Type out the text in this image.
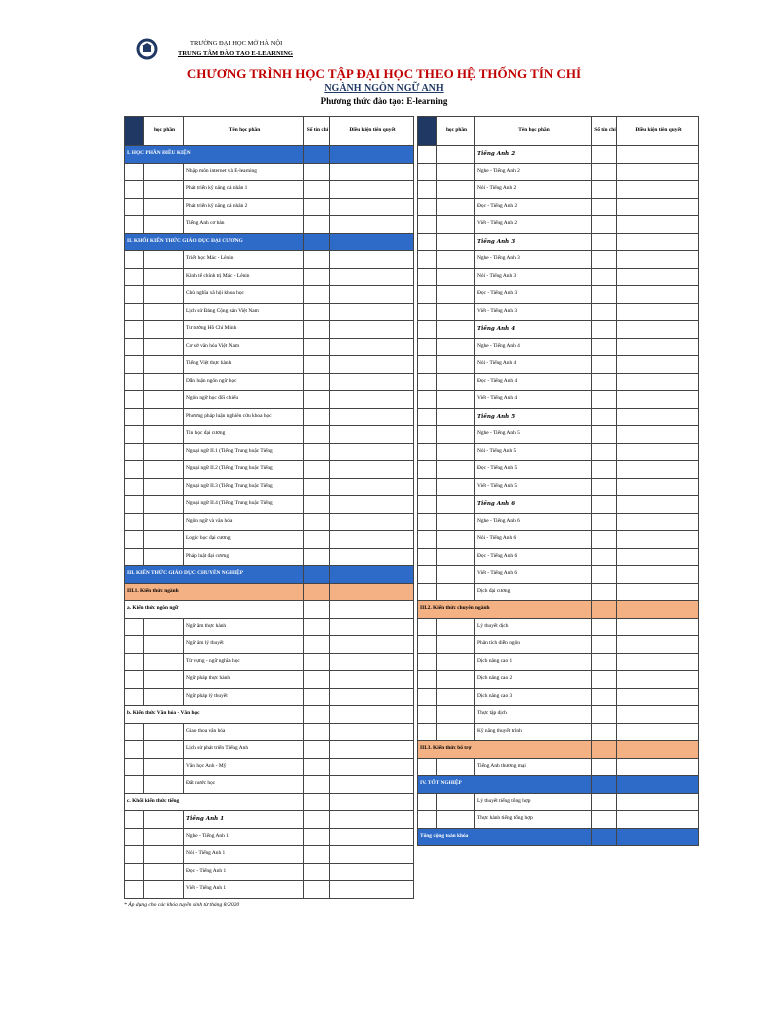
TRƯỜNG ĐẠI HỌC MỞ HÀ NỘI
TRUNG TÂM ĐÀO TẠO E-LEARNING
CHƯƠNG TRÌNH HỌC TẬP ĐẠI HỌC THEO HỆ THỐNG TÍN CHỈ
NGÀNH NGÔN NGỮ ANH
Phương thức đào tạo: E-learning
	học phần	Tên học phần	Số tín chỉ	Điều kiện tiên quyết
I. HỌC PHẦN ĐIỀU KIỆN				
		Nhập môn internet và E-learning		
		Phát triển kỹ năng cá nhân 1		
		Phát triển kỹ năng cá nhân 2		
		Tiếng Anh cơ bản		
II. KHỐI KIẾN THỨC GIÁO DỤC ĐẠI CƯƠNG				
		Triết học Mác - Lênin		
		Kinh tế chính trị Mác - Lênin		
		Chủ nghĩa xã hội khoa học		
		Lịch sử Đảng Cộng sản Việt Nam		
		Tư tưởng Hồ Chí Minh		
		Cơ sở văn hóa Việt Nam		
		Tiếng Việt thực hành		
		Dẫn luận ngôn ngữ học		
		Ngôn ngữ học đối chiếu		
		Phương pháp luận nghiên cứu khoa học		
		Tin học đại cương		
		Ngoại ngữ II.1 (Tiếng Trung hoặc Tiếng		
		Ngoại ngữ II.2 (Tiếng Trung hoặc Tiếng		
		Ngoại ngữ II.3 (Tiếng Trung hoặc Tiếng		
		Ngoại ngữ II.4 (Tiếng Trung hoặc Tiếng		
		Ngôn ngữ và văn hóa		
		Logic học đại cương		
		Pháp luật đại cương		
III. KIẾN THỨC GIÁO DỤC CHUYÊN NGHIỆP				
III.1. Kiến thức ngành				
a. Kiến thức ngôn ngữ				
		Ngữ âm thực hành		
		Ngữ âm lý thuyết		
		Từ vựng - ngữ nghĩa học		
		Ngữ pháp thực hành		
		Ngữ pháp lý thuyết		
b. Kiến thức Văn hóa - Văn học				
		Giao thoa văn hóa		
		Lịch sử phát triển Tiếng Anh		
		Văn học Anh - Mỹ		
		Đất nước học		
c. Khối kiến thức tiếng				
		Tiếng Anh 1		
		Nghe - Tiếng Anh 1		
		Nói - Tiếng Anh 1		
		Đọc - Tiếng Anh 1		
		Viết - Tiếng Anh 1		
	học phần	Tên học phần	Số tín chỉ	Điều kiện tiên quyết
		Tiếng Anh 2		
		Nghe - Tiếng Anh 2		
		Nói - Tiếng Anh 2		
		Đọc - Tiếng Anh 2		
		Viết - Tiếng Anh 2		
		Tiếng Anh 3		
		Nghe - Tiếng Anh 3		
		Nói - Tiếng Anh 3		
		Đọc - Tiếng Anh 3		
		Viết - Tiếng Anh 3		
		Tiếng Anh 4		
		Nghe - Tiếng Anh 4		
		Nói - Tiếng Anh 4		
		Đọc - Tiếng Anh 4		
		Viết - Tiếng Anh 4		
		Tiếng Anh 5		
		Nghe - Tiếng Anh 5		
		Nói - Tiếng Anh 5		
		Đọc - Tiếng Anh 5		
		Viết - Tiếng Anh 5		
		Tiếng Anh 6		
		Nghe - Tiếng Anh 6		
		Nói - Tiếng Anh 6		
		Đọc - Tiếng Anh 6		
		Viết - Tiếng Anh 6		
		Dịch đại cương		
III.2. Kiến thức chuyên ngành				
		Lý thuyết dịch		
		Phân tích diễn ngôn		
		Dịch nâng cao 1		
		Dịch nâng cao 2		
		Dịch nâng cao 3		
		Thực tập dịch		
		Kỹ năng thuyết trình		
III.3. Kiến thức bổ trợ				
		Tiếng Anh thương mại		
IV. TỐT NGHIỆP				
		Lý thuyết tiếng tổng hợp		
		Thực hành tiếng tổng hợp		
Tổng cộng toàn khóa				
* Áp dụng cho các khóa tuyển sinh từ tháng 8/2020
